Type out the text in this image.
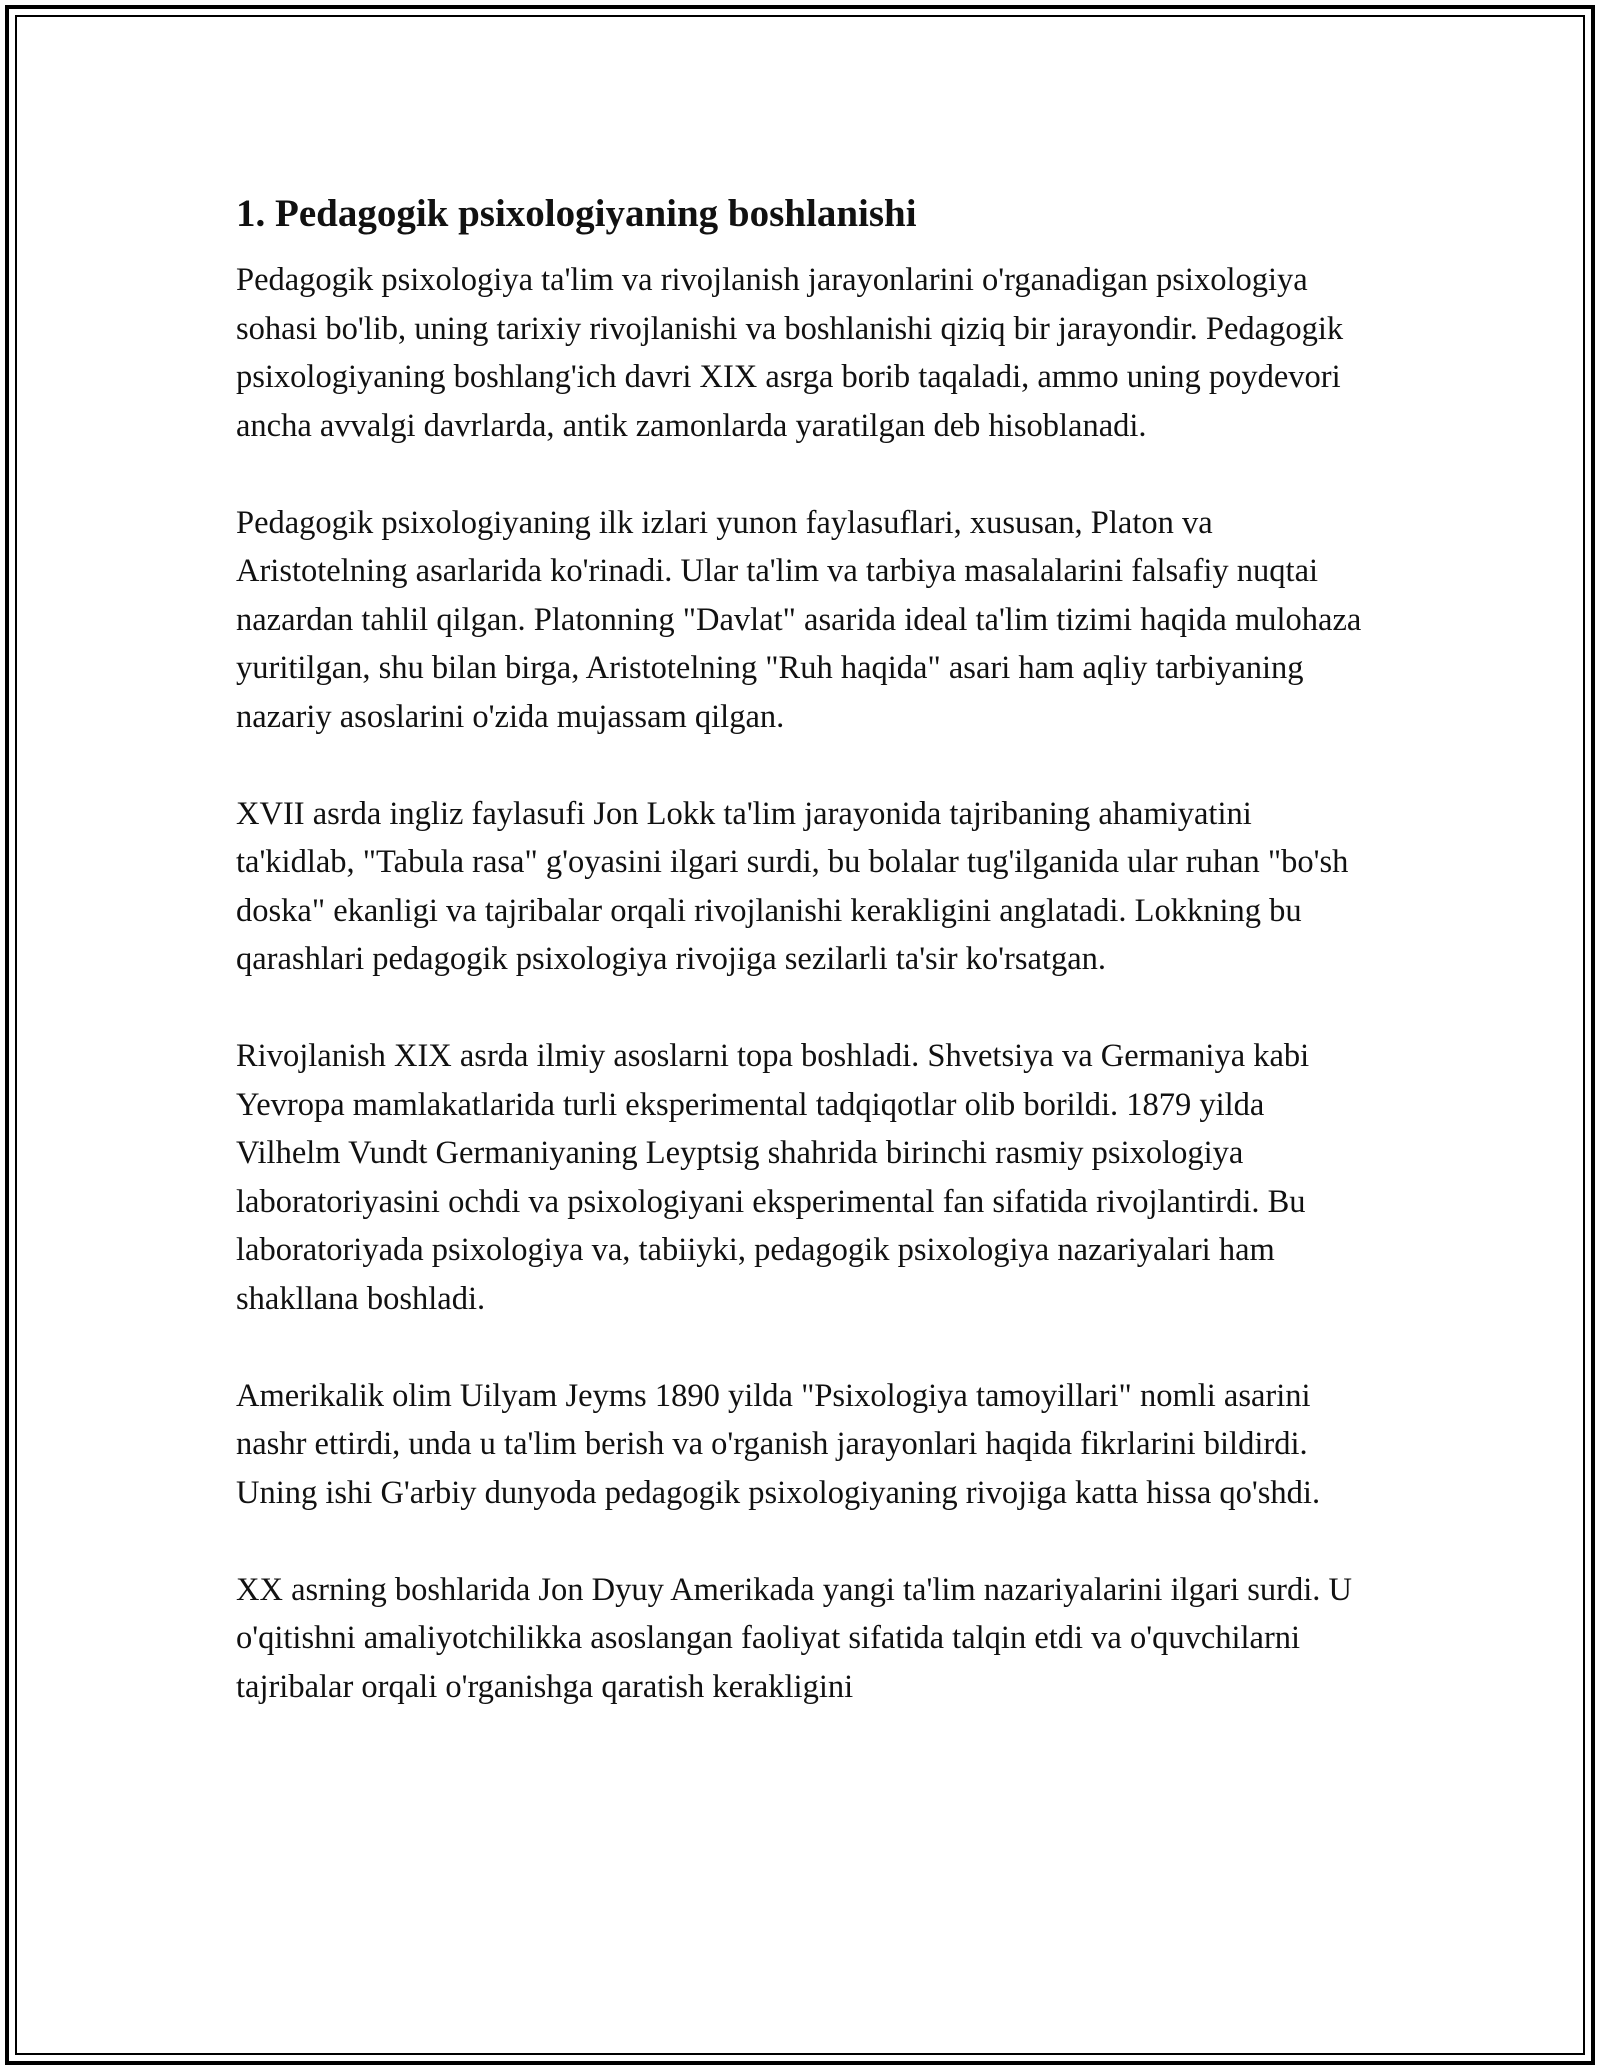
1. Pedagogik psixologiyaning boshlanishi

Pedagogik psixologiya ta'lim va rivojlanish jarayonlarini o'rganadigan psixologiya sohasi bo'lib, uning tarixiy rivojlanishi va boshlanishi qiziq bir jarayondir. Pedagogik psixologiyaning boshlang'ich davri XIX asrga borib taqaladi, ammo uning poydevori ancha avvalgi davrlarda, antik zamonlarda yaratilgan deb hisoblanadi.

Pedagogik psixologiyaning ilk izlari yunon faylasuflari, xususan, Platon va Aristotelning asarlarida ko'rinadi. Ular ta'lim va tarbiya masalalarini falsafiy nuqtai nazardan tahlil qilgan. Platonning "Davlat" asarida ideal ta'lim tizimi haqida mulohaza yuritilgan, shu bilan birga, Aristotelning "Ruh haqida" asari ham aqliy tarbiyaning nazariy asoslarini o'zida mujassam qilgan.

XVII asrda ingliz faylasufi Jon Lokk ta'lim jarayonida tajribaning ahamiyatini ta'kidlab, "Tabula rasa" g'oyasini ilgari surdi, bu bolalar tug'ilganida ular ruhan "bo'sh doska" ekanligi va tajribalar orqali rivojlanishi kerakligini anglatadi. Lokkning bu qarashlari pedagogik psixologiya rivojiga sezilarli ta'sir ko'rsatgan.

Rivojlanish XIX asrda ilmiy asoslarni topa boshladi. Shvetsiya va Germaniya kabi Yevropa mamlakatlarida turli eksperimental tadqiqotlar olib borildi. 1879 yilda Vilhelm Vundt Germaniyaning Leyptsig shahrida birinchi rasmiy psixologiya laboratoriyasini ochdi va psixologiyani eksperimental fan sifatida rivojlantirdi. Bu laboratoriyada psixologiya va, tabiiyki, pedagogik psixologiya nazariyalari ham shakllana boshladi.

Amerikalik olim Uilyam Jeyms 1890 yilda "Psixologiya tamoyillari" nomli asarini nashr ettirdi, unda u ta'lim berish va o'rganish jarayonlari haqida fikrlarini bildirdi. Uning ishi G'arbiy dunyoda pedagogik psixologiyaning rivojiga katta hissa qo'shdi.

XX asrning boshlarida Jon Dyuy Amerikada yangi ta'lim nazariyalarini ilgari surdi. U o'qitishni amaliyotchilikka asoslangan faoliyat sifatida talqin etdi va o'quvchilarni tajribalar orqali o'rganishga qaratish kerakligini
